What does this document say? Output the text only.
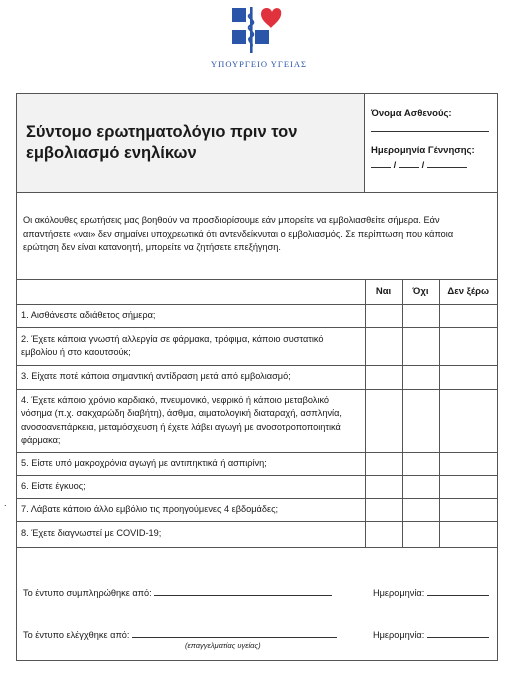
ΥΠΟΥΡΓΕΙΟ ΥΓΕΙΑΣ
.
Σύντομο ερωτηματολόγιο πριν τον εμβολιασμό ενηλίκων
Όνομα Ασθενούς:
Ημερομηνία Γέννησης:
/	/
Οι ακόλουθες ερωτήσεις μας βοηθούν να προσδιορίσουμε εάν μπορείτε να εμβολιασθείτε σήμερα. Εάν απαντήσετε «ναι» δεν σημαίνει υποχρεωτικά ότι αντενδείκνυται ο εμβολιασμός. Σε περίπτωση που κάποια ερώτηση δεν είναι κατανοητή, μπορείτε να ζητήσετε επεξήγηση.
	Ναι	Όχι	Δεν ξέρω
1. Αισθάνεστε αδιάθετος σήμερα;			
2. Έχετε κάποια γνωστή αλλεργία σε φάρμακα, τρόφιμα, κάποιο συστατικό εμβολίου ή στο καουτσούκ;			
3. Είχατε ποτέ κάποια σημαντική αντίδραση μετά από εμβολιασμό;			
4. Έχετε κάποιο χρόνιο καρδιακό, πνευμονικό, νεφρικό ή κάποιο μεταβολικό νόσημα (π.χ. σακχαρώδη διαβήτη), άσθμα, αιματολογική διαταραχή, ασπληνία, ανοσοανεπάρκεια, μεταμόσχευση ή έχετε λάβει αγωγή με ανοσοτροποποιητικά φάρμακα;			
5. Είστε υπό μακροχρόνια αγωγή με αντιπηκτικά ή ασπιρίνη;			
6. Είστε έγκυος;			
7. Λάβατε κάποιο άλλο εμβόλιο τις προηγούμενες 4 εβδομάδες;			
8. Έχετε διαγνωστεί με COVID-19;			
Το έντυπο συμπληρώθηκε από:	Ημερομηνία:
Το έντυπο ελέγχθηκε από:	Ημερομηνία:
(επαγγελματίας υγείας)
